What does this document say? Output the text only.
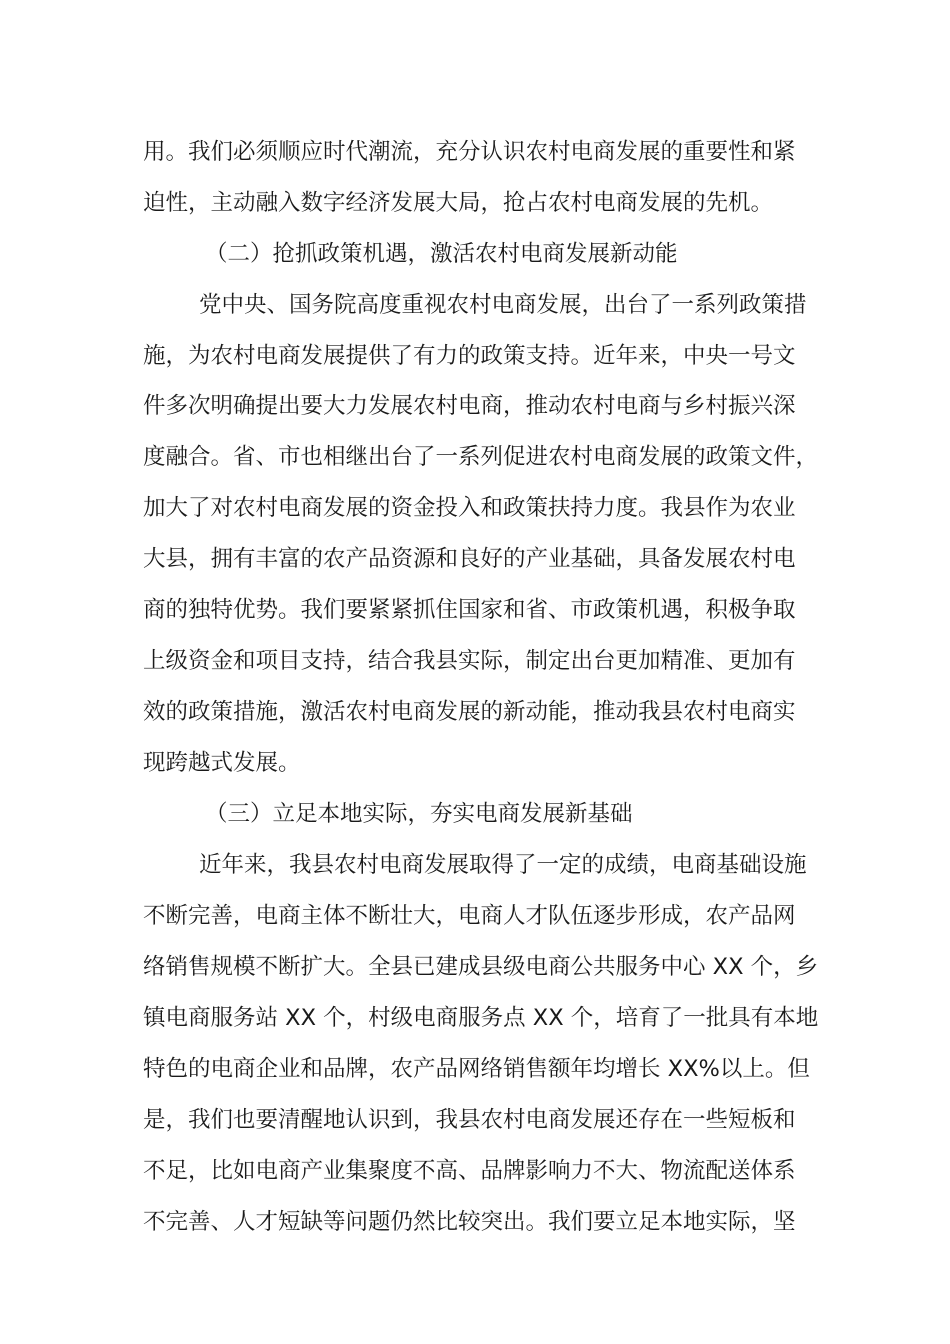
用。我们必须顺应时代潮流，充分认识农村电商发展的重要性和紧
迫性，主动融入数字经济发展大局，抢占农村电商发展的先机。
（二）抢抓政策机遇，激活农村电商发展新动能
党中央、国务院高度重视农村电商发展，出台了一系列政策措
施，为农村电商发展提供了有力的政策支持。近年来，中央一号文
件多次明确提出要大力发展农村电商，推动农村电商与乡村振兴深
度融合。省、市也相继出台了一系列促进农村电商发展的政策文件，
加大了对农村电商发展的资金投入和政策扶持力度。我县作为农业
大县，拥有丰富的农产品资源和良好的产业基础，具备发展农村电
商的独特优势。我们要紧紧抓住国家和省、市政策机遇，积极争取
上级资金和项目支持，结合我县实际，制定出台更加精准、更加有
效的政策措施，激活农村电商发展的新动能，推动我县农村电商实
现跨越式发展。
（三）立足本地实际，夯实电商发展新基础
近年来，我县农村电商发展取得了一定的成绩，电商基础设施
不断完善，电商主体不断壮大，电商人才队伍逐步形成，农产品网
络销售规模不断扩大。全县已建成县级电商公共服务中心 XX 个，乡
镇电商服务站 XX 个，村级电商服务点 XX 个，培育了一批具有本地
特色的电商企业和品牌，农产品网络销售额年均增长 XX%以上。但
是，我们也要清醒地认识到，我县农村电商发展还存在一些短板和
不足，比如电商产业集聚度不高、品牌影响力不大、物流配送体系
不完善、人才短缺等问题仍然比较突出。我们要立足本地实际，坚
